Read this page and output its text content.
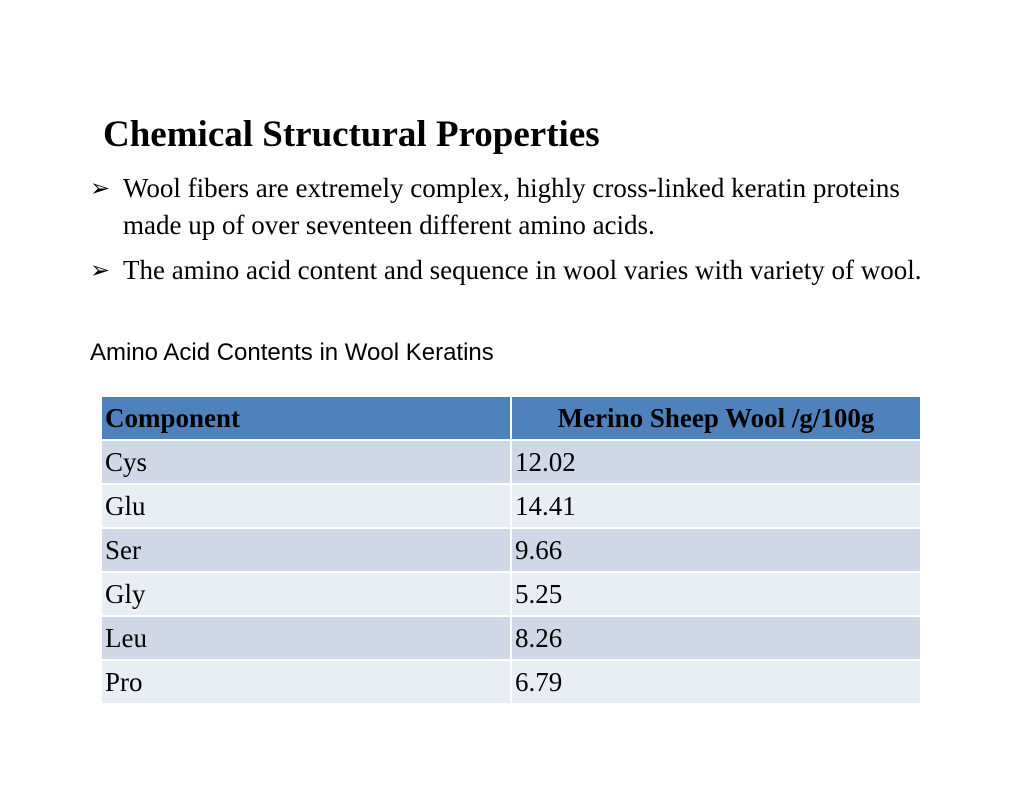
Chemical Structural Properties
➢ Wool fibers are extremely complex, highly cross-linked keratin proteins made up of over seventeen different amino acids.
➢ The amino acid content and sequence in wool varies with variety of wool.
Amino Acid Contents in Wool Keratins
Component	Merino Sheep Wool /g/100g
Cys	12.02
Glu	14.41
Ser	9.66
Gly	5.25
Leu	8.26
Pro	6.79
